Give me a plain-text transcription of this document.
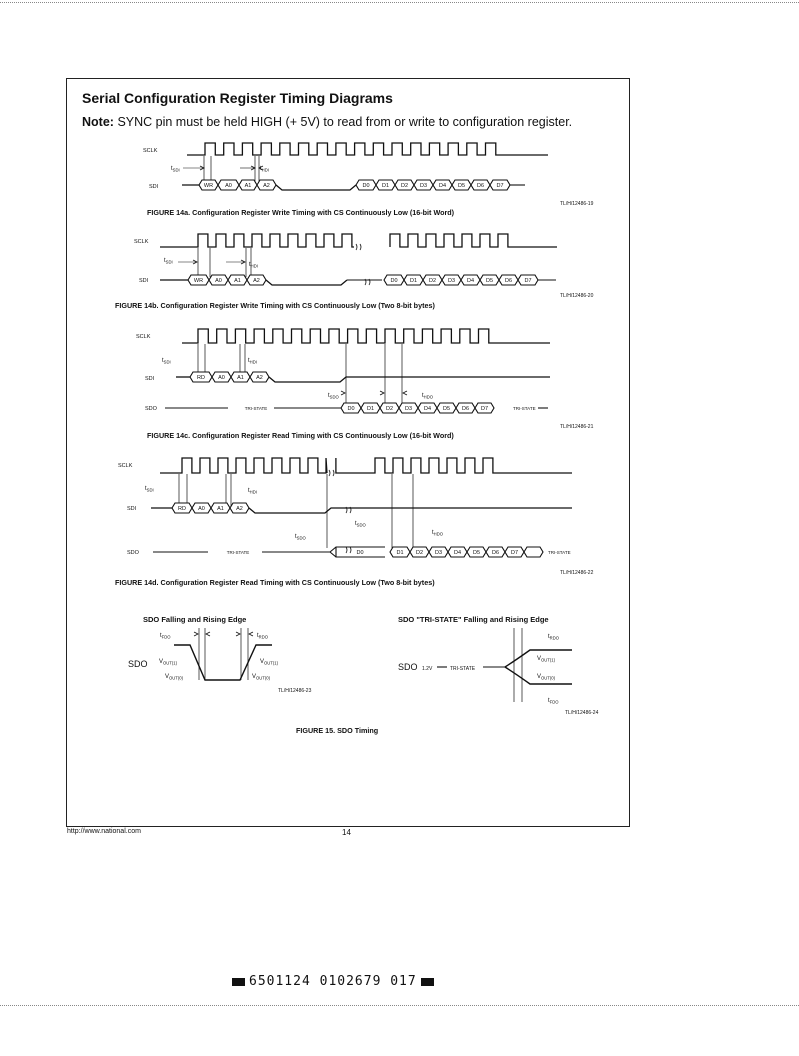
Serial Configuration Register Timing Diagrams
Note: SYNC pin must be held HIGH (+ 5V) to read from or write to configuration register.
FIGURE 14a. Configuration Register Write Timing with CS Continuously Low (16-bit Word)
TL/H/12486-19
FIGURE 14b. Configuration Register Write Timing with CS Continuously Low (Two 8-bit bytes)
TL/H/12486-20
FIGURE 14c. Configuration Register Read Timing with CS Continuously Low (16-bit Word)
TL/H/12486-21
FIGURE 14d. Configuration Register Read Timing with CS Continuously Low (Two 8-bit bytes)
TL/H/12486-22
SDO Falling and Rising Edge	SDO "TRI-STATE" Falling and Rising Edge
TL/H/12486-23
TL/H/12486-24
FIGURE 15. SDO Timing
http://www.national.com	14
6501124 0102679 017
SCLK
SDI
$t_{SDI}$	$t_{HDI}$
WR A0 A1 A2	D0 D1 D2 D3 D4 D5 D6 D7
SCLK
SDI
$t_{SDI}$	$t_{HDI}$
WR A0 A1 A2	D0 D1 D2 D3 D4 D5 D6 D7
SCLK
SDI
$t_{SDI}$	$t_{HDI}$
RD A0 A1 A2
$t_{SDO}$	$t_{HDO}$
SDO	TRI-STATE	D0 D1 D2 D3 D4 D5 D6 D7	TRI-STATE
SCLK
SDI
$t_{SDI}$	$t_{HDI}$
RD A0 A1 A2
$t_{SDO}$
$t_{SDO}$
$t_{HDO}$
SDO	TRI-STATE	D0	D1 D2 D3 D4 D5 D6 D7	TRI-STATE
$t_{FDO}$	$t_{RDO}$
SDO $V_{OUT(1)}$
$V_{OUT(0)}$
$V_{OUT(1)}$
$V_{OUT(0)}$
$t_{RDO}$
$t_{FDO}$
SDO 1.2V	TRI-STATE
$V_{OUT(1)}$
$V_{OUT(0)}$
